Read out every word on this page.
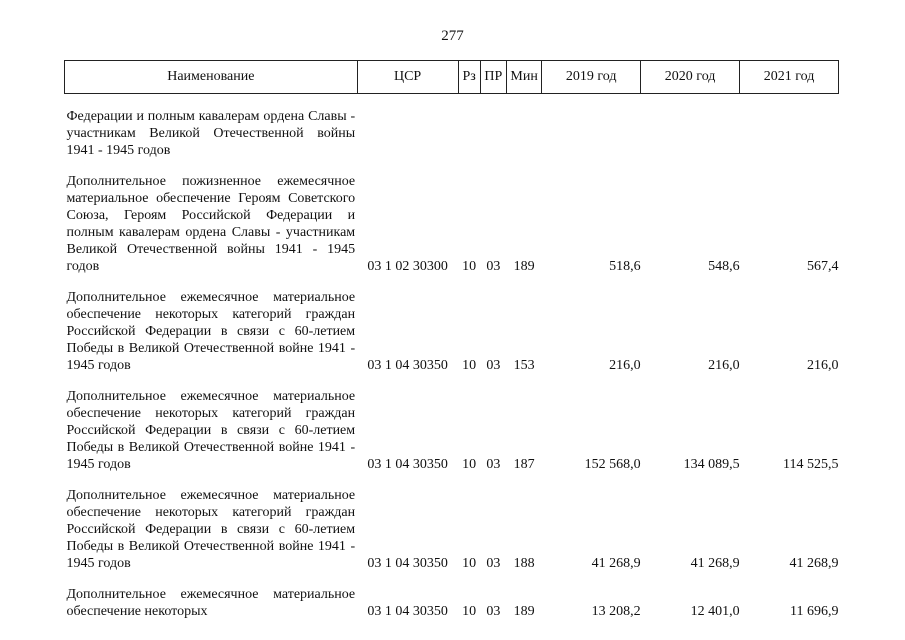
277
Наименование	ЦСР	Рз	ПР	Мин	2019 год	2020 год	2021 год

Федерации и полным кавалерам ордена Славы - участникам Великой Отечественной войны 1941 - 1945 годов							

Дополнительное пожизненное ежемесячное материальное обеспечение Героям Советского Союза, Героям Российской Федерации и полным кавалерам ордена Славы - участникам Великой Отечественной войны 1941 - 1945 годов	03 1 02 30300	10	03	189	518,6	548,6	567,4

Дополнительное ежемесячное материальное обеспечение некоторых категорий граждан Российской Федерации в связи с 60-летием Победы в Великой Отечественной войне 1941 - 1945 годов	03 1 04 30350	10	03	153	216,0	216,0	216,0

Дополнительное ежемесячное материальное обеспечение некоторых категорий граждан Российской Федерации в связи с 60-летием Победы в Великой Отечественной войне 1941 - 1945 годов	03 1 04 30350	10	03	187	152 568,0	134 089,5	114 525,5

Дополнительное ежемесячное материальное обеспечение некоторых категорий граждан Российской Федерации в связи с 60-летием Победы в Великой Отечественной войне 1941 - 1945 годов	03 1 04 30350	10	03	188	41 268,9	41 268,9	41 268,9

Дополнительное ежемесячное материальное обеспечение некоторых	03 1 04 30350	10	03	189	13 208,2	12 401,0	11 696,9
